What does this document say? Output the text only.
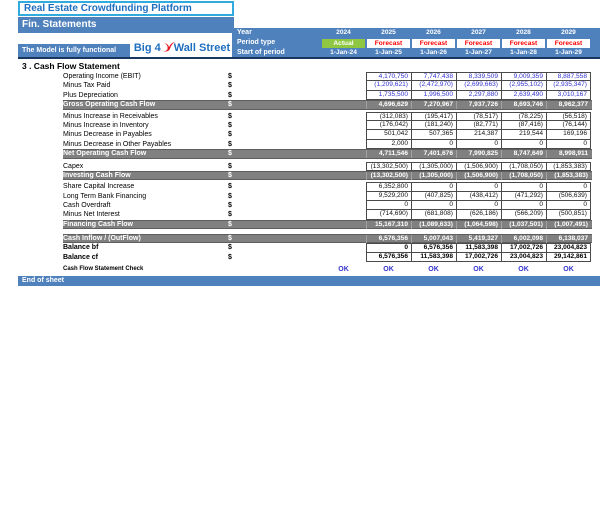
Real Estate Crowdfunding Platform
Fin. Statements
The Model is fully functional	Big 4 Wall Street
Year	2024	2025	2026	2027	2028	2029
Period type	Actual	Forecast	Forecast	Forecast	Forecast	Forecast
Start of period	1-Jan-24	1-Jan-25	1-Jan-26	1-Jan-27	1-Jan-28	1-Jan-29
3 . Cash Flow Statement
Operating Income (EBIT)	$	4,170,750	7,747,438	8,339,509	9,009,359	8,887,558
Minus Tax Paid	$	(1,209,621)	(2,472,970)	(2,699,663)	(2,955,102)	(2,935,347)
Plus Depreciation	$	1,735,500	1,996,500	2,297,880	2,639,490	3,010,167
Gross Operating Cash Flow	$	4,696,629	7,270,967	7,937,726	8,693,746	8,962,377
Minus Increase in Receivables	$	(312,083)	(195,417)	(78,517)	(78,225)	(56,518)
Minus Increase in Inventory	$	(176,042)	(181,240)	(82,771)	(87,416)	(76,144)
Minus Decrease in Payables	$	501,042	507,365	214,387	219,544	169,196
Minus Decrease in Other Payables	$	2,000	0	0	0	0
Net Operating Cash Flow	$	4,711,546	7,401,676	7,990,825	8,747,649	8,998,911
Capex	$	(13,302,500)	(1,305,000)	(1,506,900)	(1,708,050)	(1,853,383)
Investing Cash Flow	$	(13,302,500)	(1,305,000)	(1,506,900)	(1,708,050)	(1,853,383)
Share Capital Increase	$	6,352,800	0	0	0	0
Long Term Bank Financing	$	9,529,200	(407,825)	(438,412)	(471,292)	(506,639)
Cash Overdraft	$	0	0	0	0	0
Minus Net Interest	$	(714,690)	(681,808)	(626,186)	(566,209)	(500,851)
Financing Cash Flow	$	15,167,310	(1,089,633)	(1,064,598)	(1,037,501)	(1,007,491)
Cash Inflow / (OutFlow)	$	6,576,356	5,007,043	5,419,327	6,002,098	6,138,037
Balance bf	$	0	6,576,356	11,583,398	17,002,726	23,004,823
Balance cf	$	6,576,356	11,583,398	17,002,726	23,004,823	29,142,861
Cash Flow Statement Check	OK	OK	OK	OK	OK	OK
End of sheet
